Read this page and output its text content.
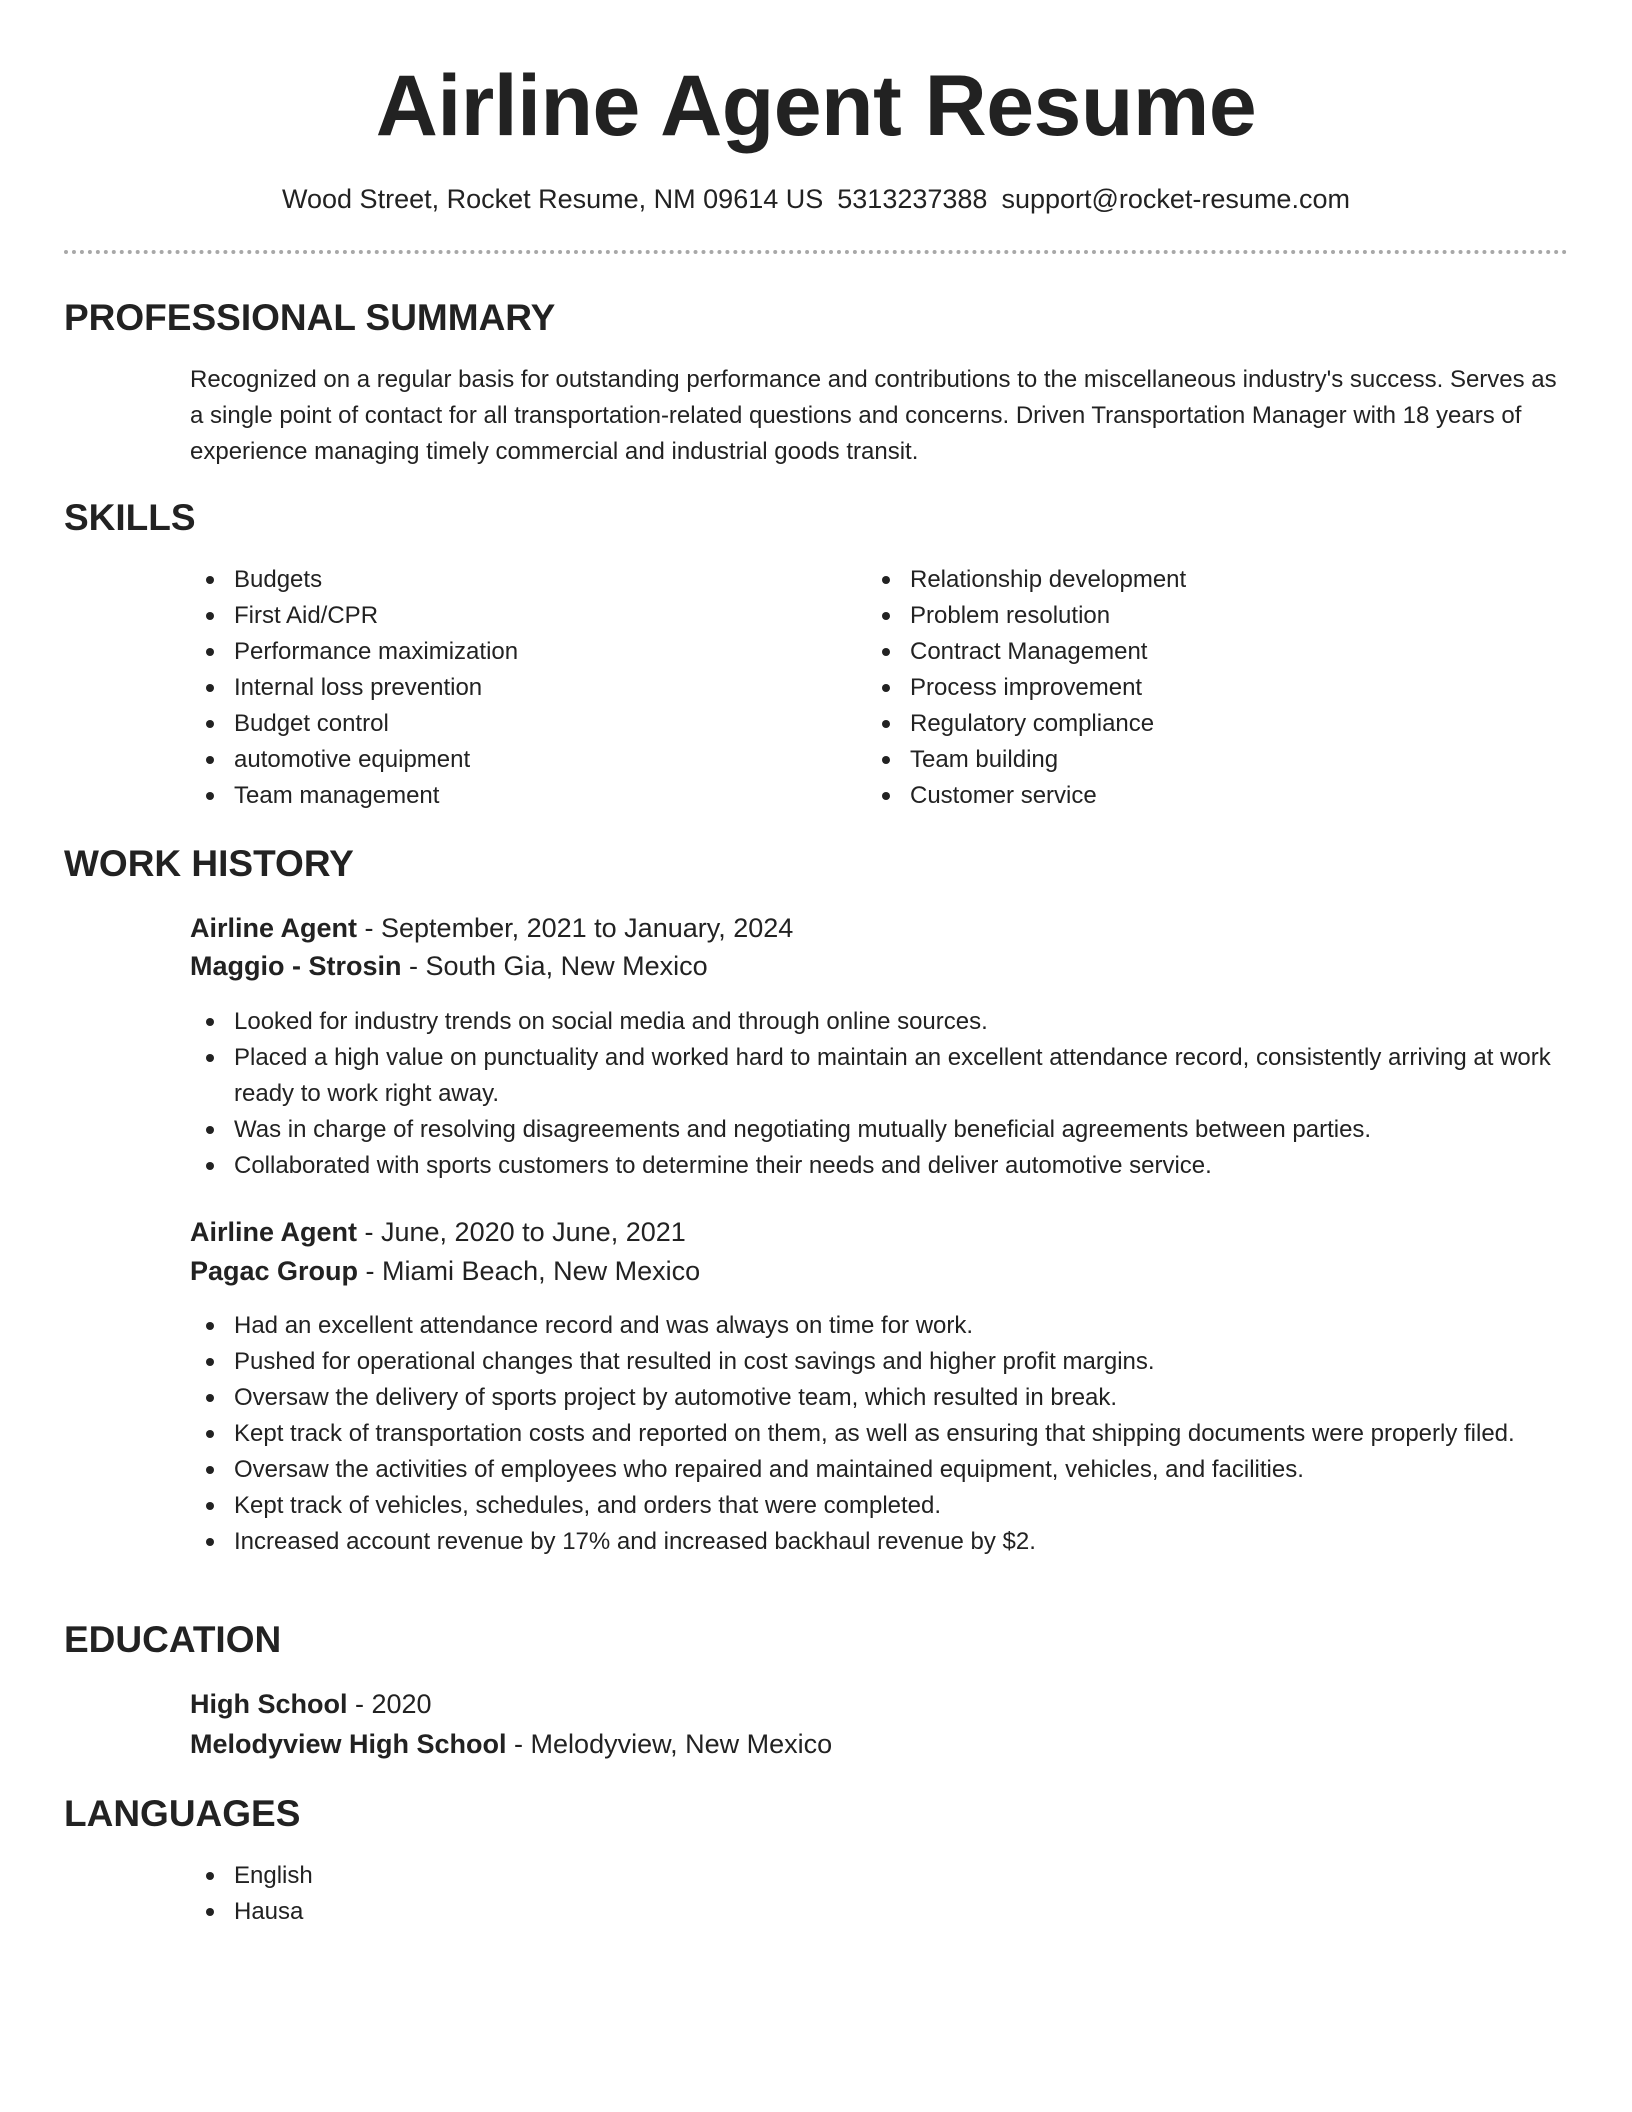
Airline Agent Resume
Wood Street, Rocket Resume, NM 09614 US 5313237388 support@rocket-resume.com
PROFESSIONAL SUMMARY

Recognized on a regular basis for outstanding performance and contributions to the miscellaneous industry's success. Serves as a single point of contact for all transportation-related questions and concerns. Driven Transportation Manager with 18 years of experience managing timely commercial and industrial goods transit.

SKILLS
Budgets
First Aid/CPR
Performance maximization
Internal loss prevention
Budget control
automotive equipment
Team management
Relationship development
Problem resolution
Contract Management
Process improvement
Regulatory compliance
Team building
Customer service
WORK HISTORY
Airline Agent - September, 2021 to January, 2024
Maggio - Strosin - South Gia, New Mexico
Looked for industry trends on social media and through online sources.
Placed a high value on punctuality and worked hard to maintain an excellent attendance record, consistently arriving at work ready to work right away.
Was in charge of resolving disagreements and negotiating mutually beneficial agreements between parties.
Collaborated with sports customers to determine their needs and deliver automotive service.
Airline Agent - June, 2020 to June, 2021
Pagac Group - Miami Beach, New Mexico
Had an excellent attendance record and was always on time for work.
Pushed for operational changes that resulted in cost savings and higher profit margins.
Oversaw the delivery of sports project by automotive team, which resulted in break.
Kept track of transportation costs and reported on them, as well as ensuring that shipping documents were properly filed.
Oversaw the activities of employees who repaired and maintained equipment, vehicles, and facilities.
Kept track of vehicles, schedules, and orders that were completed.
Increased account revenue by 17% and increased backhaul revenue by $2.
EDUCATION
High School - 2020
Melodyview High School - Melodyview, New Mexico
LANGUAGES
English
Hausa
